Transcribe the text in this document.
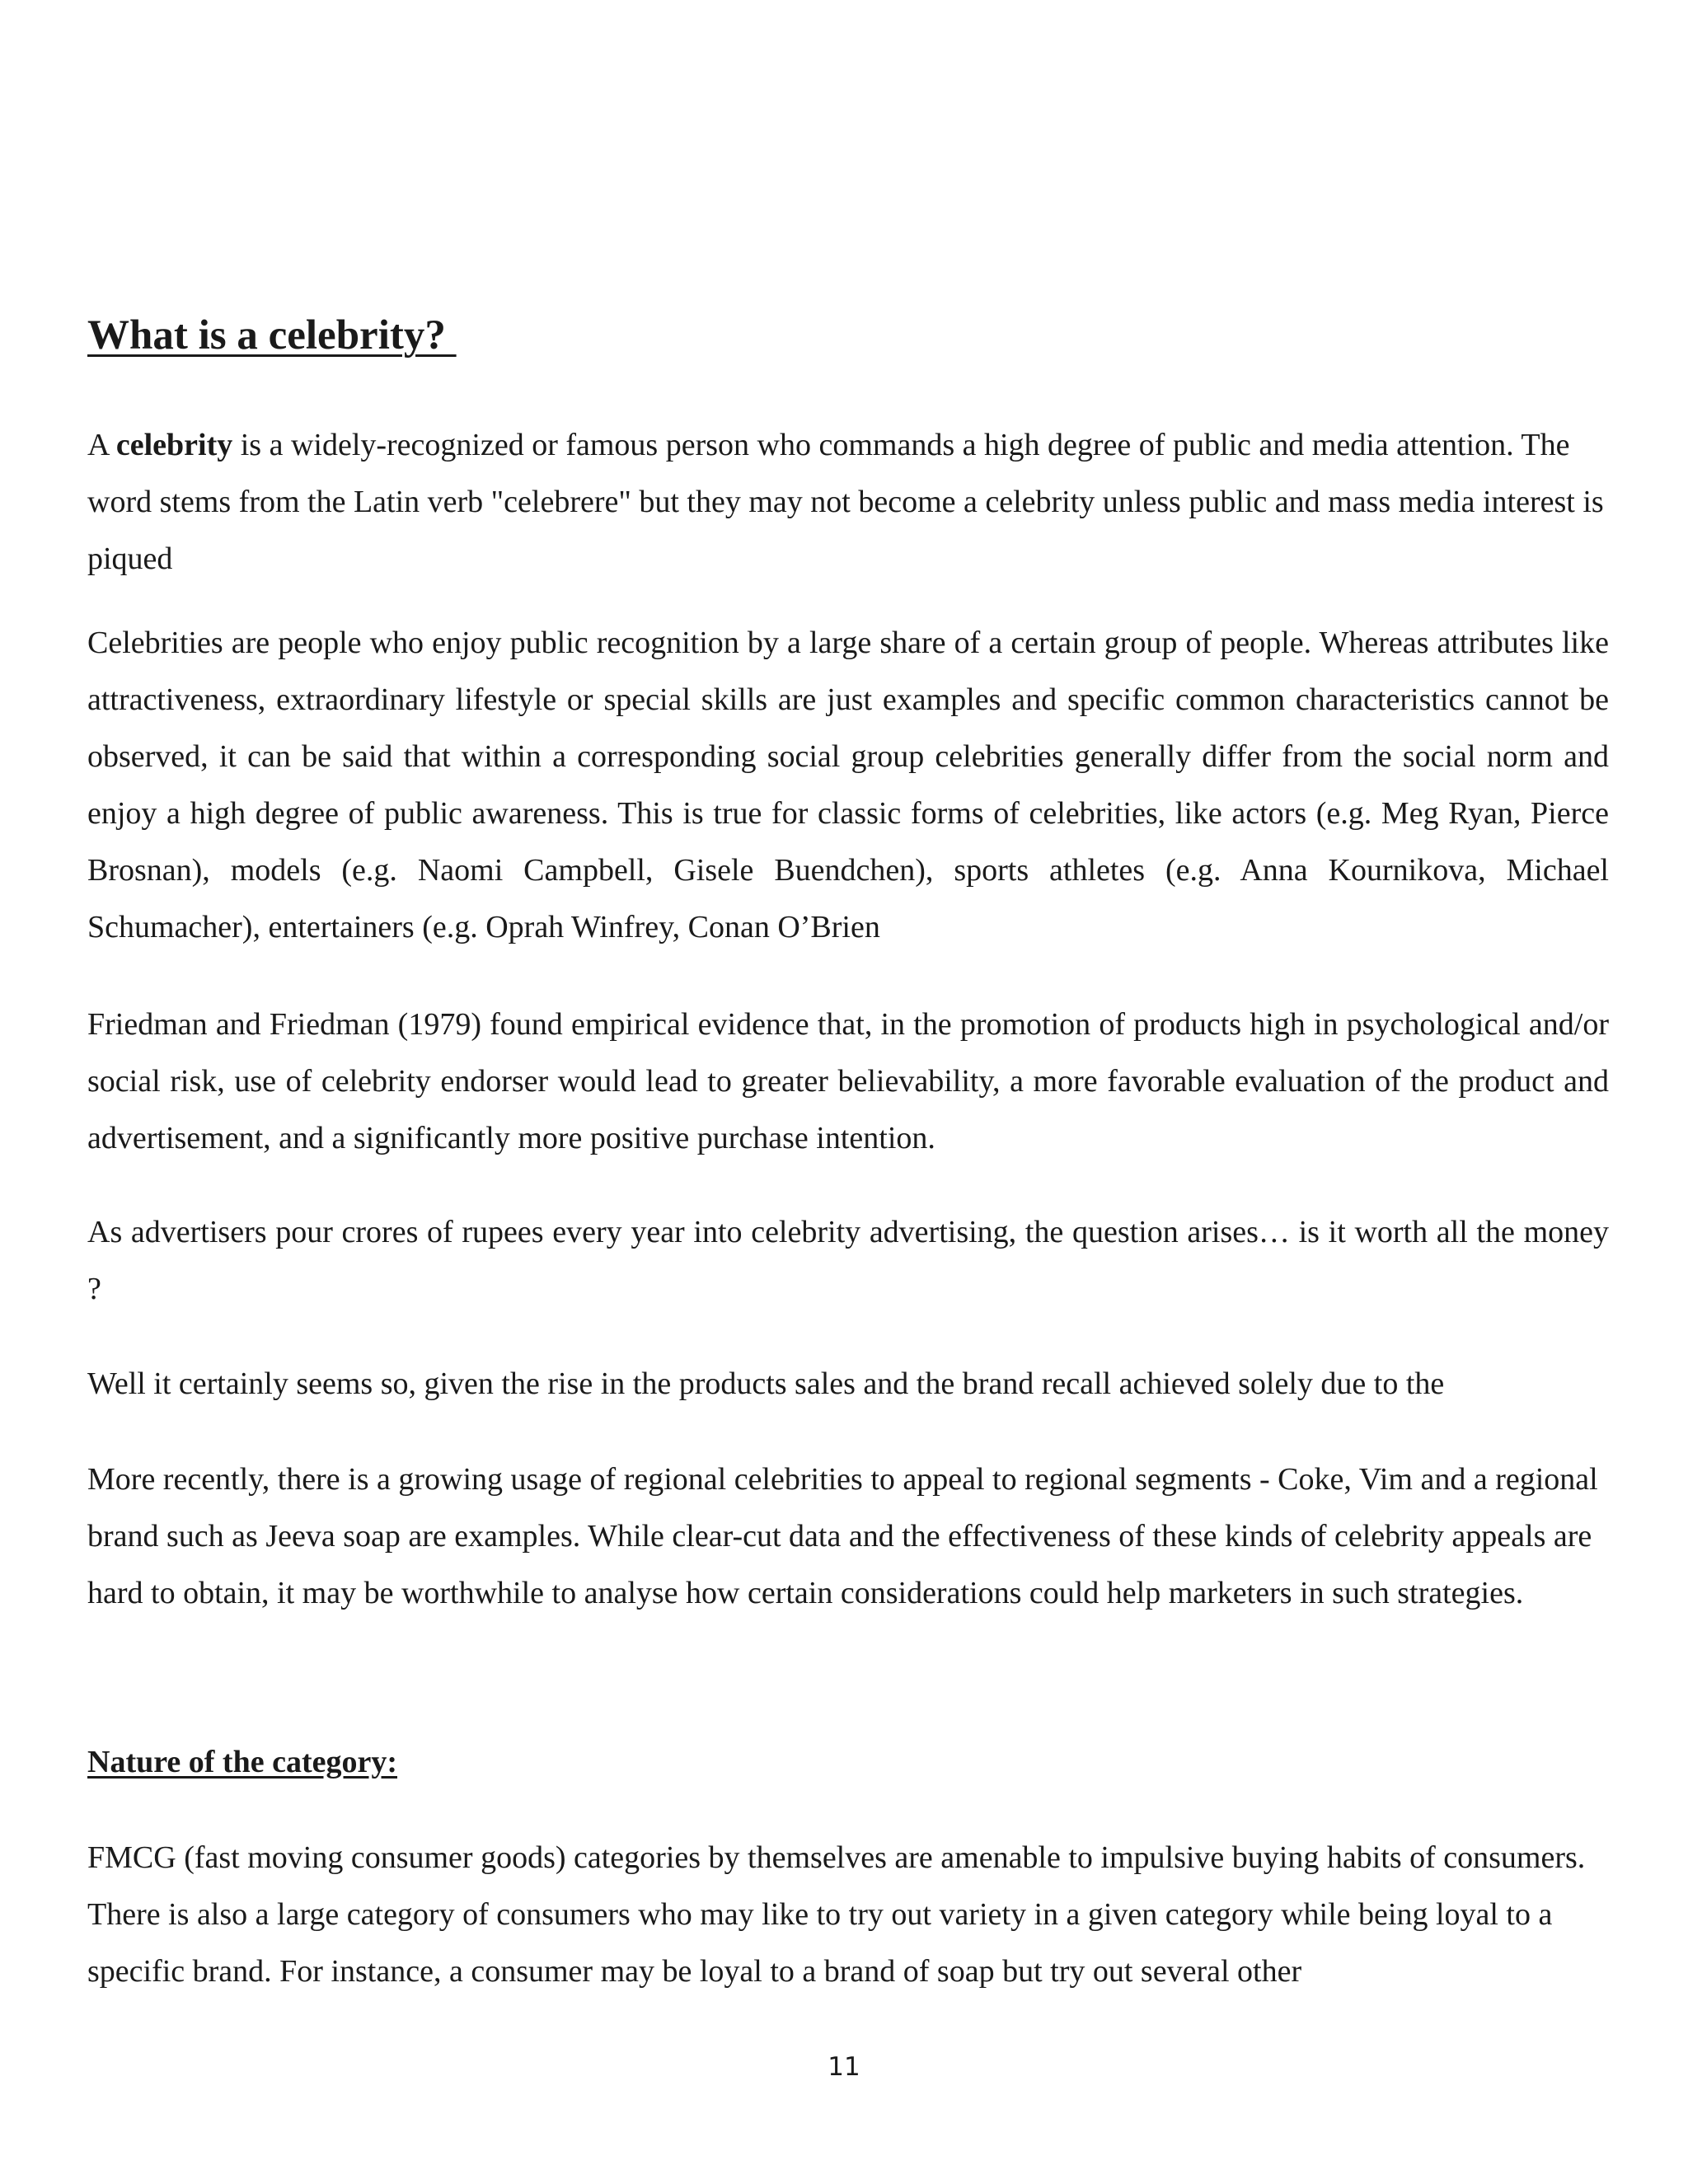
What is a celebrity?

A celebrity is a widely-recognized or famous person who commands a high degree of public and media attention. The word stems from the Latin verb "celebrere" but they may not become a celebrity unless public and mass media interest is piqued

Celebrities are people who enjoy public recognition by a large share of a certain group of people. Whereas attributes like attractiveness, extraordinary lifestyle or special skills are just examples and specific common characteristics cannot be observed, it can be said that within a corresponding social group celebrities generally differ from the social norm and enjoy a high degree of public awareness. This is true for classic forms of celebrities, like actors (e.g. Meg Ryan, Pierce Brosnan), models (e.g. Naomi Campbell, Gisele Buendchen), sports athletes (e.g. Anna Kournikova, Michael Schumacher), entertainers (e.g. Oprah Winfrey, Conan O’Brien

Friedman and Friedman (1979) found empirical evidence that, in the promotion of products high in psychological and/or social risk, use of celebrity endorser would lead to greater believability, a more favorable evaluation of the product and advertisement, and a significantly more positive purchase intention.

As advertisers pour crores of rupees every year into celebrity advertising, the question arises… is it worth all the money ?

Well it certainly seems so, given the rise in the products sales and the brand recall achieved solely due to the

More recently, there is a growing usage of regional celebrities to appeal to regional segments - Coke, Vim and a regional brand such as Jeeva soap are examples. While clear-cut data and the effectiveness of these kinds of celebrity appeals are hard to obtain, it may be worthwhile to analyse how certain considerations could help marketers in such strategies.

Nature of the category:

FMCG (fast moving consumer goods) categories by themselves are amenable to impulsive buying habits of consumers. There is also a large category of consumers who may like to try out variety in a given category while being loyal to a specific brand. For instance, a consumer may be loyal to a brand of soap but try out several other

11
